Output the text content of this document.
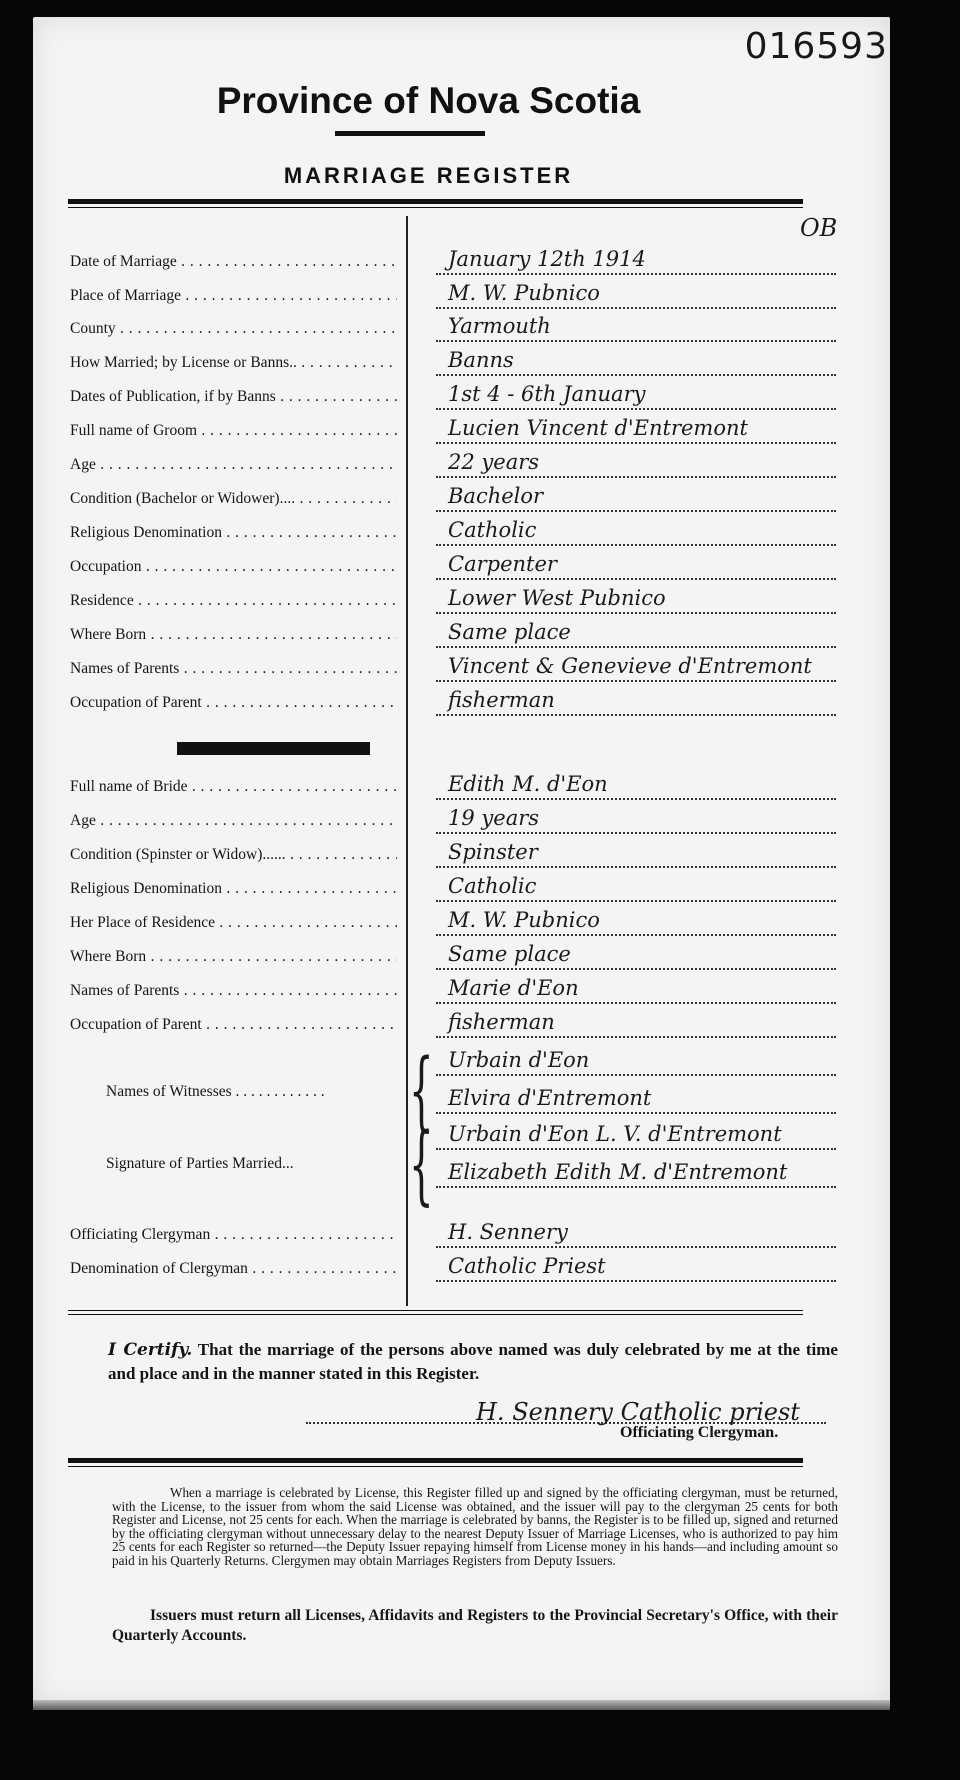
016593
Province of Nova Scotia
MARRIAGE REGISTER
Date of Marriage . . .	January 12th 1914
Place of Marriage . . .	M. W. Pubnico
County . . .	Yarmouth
How Married; by License or Banns.. . . .	Banns
Dates of Publication, if by Banns . . .	1st 4 - 6th January
Full name of Groom . . .	Lucien Vincent d'Entremont
Age . . .	22 years
Condition (Bachelor or Widower).... . . .	Bachelor
Religious Denomination . . .	Catholic
Occupation . . .	Carpenter
Residence . . .	Lower West Pubnico
Where Born . . .	Same place
Names of Parents . . .	Vincent & Genevieve d'Entremont
Occupation of Parent . . .	fisherman
Full name of Bride . . .	Edith M. d'Eon
Age . . .	19 years
Condition (Spinster or Widow)...... . . .	Spinster
Religious Denomination . . .	Catholic
Her Place of Residence . . .	M. W. Pubnico
Where Born . . .	Same place
Names of Parents . . .	Marie d'Eon
Occupation of Parent . . .	fisherman
Names of Witnesses . . .	{ Urbain d'Eon
Elvira d'Entremont
Signature of Parties Married... { Urbain d'Eon L. V. d'Entremont
Elizabeth Edith M. d'Entremont
Officiating Clergyman . . .	H. Sennery
Denomination of Clergyman . . .	Catholic Priest
OB
I Certify. That the marriage of the persons above named was duly celebrated by me at the time and place and in the manner stated in this Register.
H. Sennery Catholic priest
Officiating Clergyman.
When a marriage is celebrated by License, this Register filled up and signed by the officiating clergyman, must be returned, with the License, to the issuer from whom the said License was obtained, and the issuer will pay to the clergyman 25 cents for both Register and License, not 25 cents for each. When the marriage is celebrated by banns, the Register is to be filled up, signed and returned by the officiating clergyman without unnecessary delay to the nearest Deputy Issuer of Marriage Licenses, who is authorized to pay him 25 cents for each Register so returned—the Deputy Issuer repaying himself from License money in his hands—and including amount so paid in his Quarterly Returns. Clergymen may obtain Marriages Registers from Deputy Issuers.
Issuers must return all Licenses, Affidavits and Registers to the Provincial Secretary's Office, with their Quarterly Accounts.
